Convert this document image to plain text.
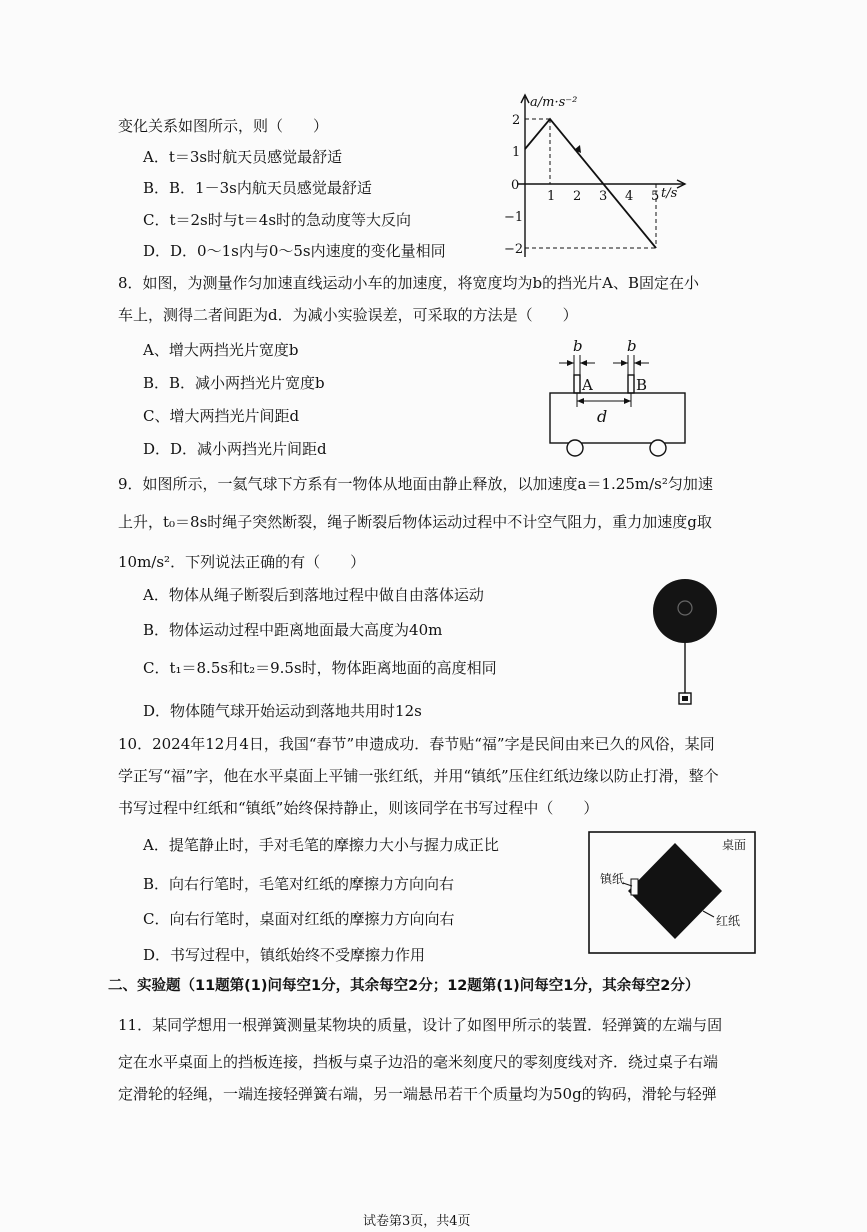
变化关系如图所示，则（　　）
A．t＝3s时航天员感觉最舒适
B．B．1－3s内航天员感觉最舒适
C．t＝2s时与t＝4s时的急动度等大反向
D．D．0～1s内与0～5s内速度的变化量相同
a/m·s⁻²
t/s
0
2
1
−1
−2
1 2 3 4 5
8．如图，为测量作匀加速直线运动小车的加速度，将宽度均为b的挡光片A、B固定在小
车上，测得二者间距为d．为减小实验误差，可采取的方法是（　　）
A、增大两挡光片宽度b
B．B．减小两挡光片宽度b
C、增大两挡光片间距d
D．D．减小两挡光片间距d
b	b
A	B
d
9．如图所示，一氦气球下方系有一物体从地面由静止释放，以加速度a＝1.25m/s²匀加速
上升，t₀＝8s时绳子突然断裂，绳子断裂后物体运动过程中不计空气阻力，重力加速度g取
10m/s²．下列说法正确的有（　　）
A．物体从绳子断裂后到落地过程中做自由落体运动
B．物体运动过程中距离地面最大高度为40m
C．t₁＝8.5s和t₂＝9.5s时，物体距离地面的高度相同
D．物体随气球开始运动到落地共用时12s
10．2024年12月4日，我国“春节”申遗成功．春节贴“福”字是民间由来已久的风俗，某同
学正写“福”字，他在水平桌面上平铺一张红纸，并用“镇纸”压住红纸边缘以防止打滑，整个
书写过程中红纸和“镇纸”始终保持静止，则该同学在书写过程中（　　）
A．提笔静止时，手对毛笔的摩擦力大小与握力成正比
B．向右行笔时，毛笔对红纸的摩擦力方向向右
C．向右行笔时，桌面对红纸的摩擦力方向向右
D．书写过程中，镇纸始终不受摩擦力作用
桌面
镇纸
红纸
二、实验题（11题第(1)问每空1分，其余每空2分；12题第(1)问每空1分，其余每空2分）
11．某同学想用一根弹簧测量某物块的质量，设计了如图甲所示的装置．轻弹簧的左端与固
定在水平桌面上的挡板连接，挡板与桌子边沿的毫米刻度尺的零刻度线对齐．绕过桌子右端
定滑轮的轻绳，一端连接轻弹簧右端，另一端悬吊若干个质量均为50g的钩码，滑轮与轻弹
试卷第3页，共4页
